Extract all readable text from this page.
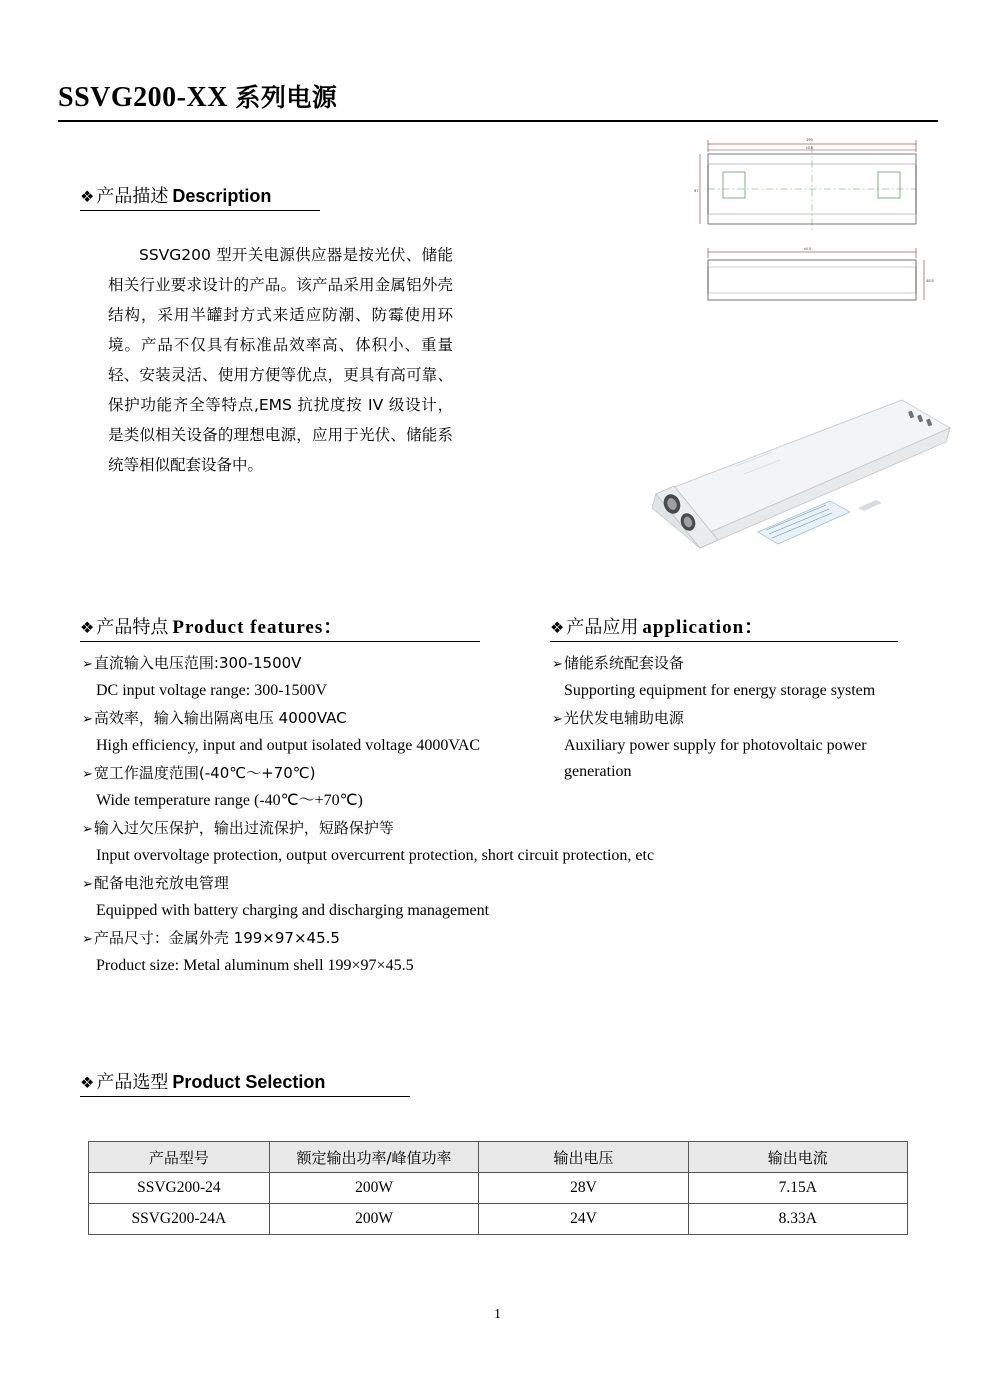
SSVG200-XX 系列电源
❖ 产品描述 Description
SSVG200 型开关电源供应器是按光伏、储能相关行业要求设计的产品。该产品采用金属铝外壳结构，采用半罐封方式来适应防潮、防霉使用环境。产品不仅具有标准品效率高、体积小、重量轻、安装灵活、使用方便等优点，更具有高可靠、保护功能齐全等特点,EMS 抗扰度按 IV 级设计，是类似相关设备的理想电源，应用于光伏、储能系统等相似配套设备中。
199
±0.5
97
±0.5
45.5
❖ 产品特点 Product features：	❖ 产品应用 application：
➢直流输入电压范围:300-1500V
DC input voltage range: 300-1500V
➢高效率，输入输出隔离电压 4000VAC
High efficiency, input and output isolated voltage 4000VAC
➢宽工作温度范围(-40℃～+70℃)
Wide temperature range (-40℃～+70℃)
➢输入过欠压保护，输出过流保护，短路保护等
Input overvoltage protection, output overcurrent protection, short circuit protection, etc
➢配备电池充放电管理
Equipped with battery charging and discharging management
➢产品尺寸：金属外壳 199×97×45.5
Product size: Metal aluminum shell 199×97×45.5
➢储能系统配套设备
Supporting equipment for energy storage system
➢光伏发电辅助电源
Auxiliary power supply for photovoltaic power generation
❖ 产品选型 Product Selection
产品型号	额定输出功率/峰值功率	输出电压	输出电流
SSVG200-24	200W	28V	7.15A
SSVG200-24A	200W	24V	8.33A
1
